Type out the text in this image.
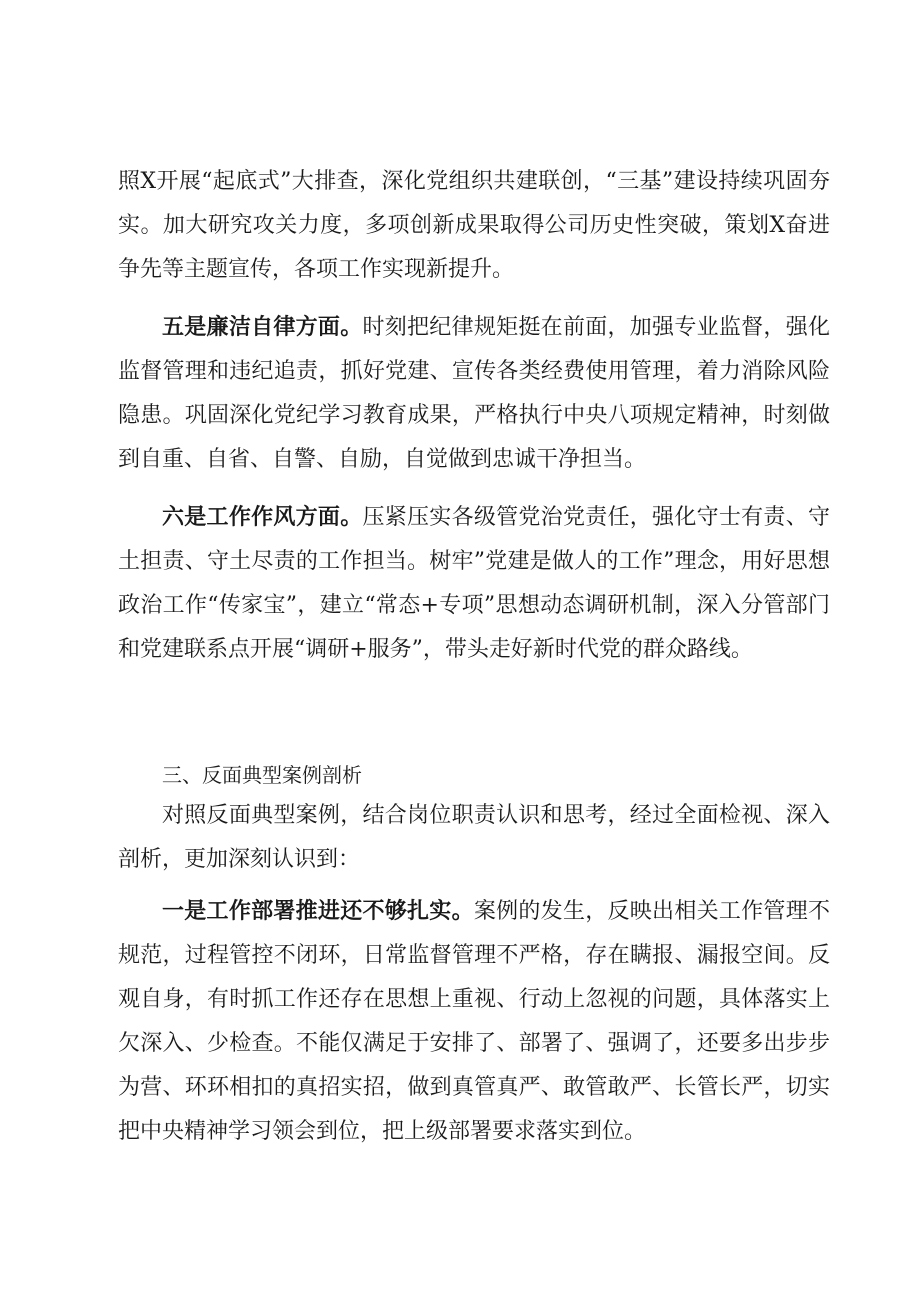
照X开展“起底式”大排查，深化党组织共建联创，“三基”建设持续巩固夯实。加大研究攻关力度，多项创新成果取得公司历史性突破，策划X奋进争先等主题宣传，各项工作实现新提升。

五是廉洁自律方面。时刻把纪律规矩挺在前面，加强专业监督，强化监督管理和违纪追责，抓好党建、宣传各类经费使用管理，着力消除风险隐患。巩固深化党纪学习教育成果，严格执行中央八项规定精神，时刻做到自重、自省、自警、自励，自觉做到忠诚干净担当。

六是工作作风方面。压紧压实各级管党治党责任，强化守士有责、守土担责、守土尽责的工作担当。树牢”党建是做人的工作”理念，用好思想政治工作“传家宝”，建立“常态+专项”思想动态调研机制，深入分管部门和党建联系点开展“调研+服务”，带头走好新时代党的群众路线。

三、反面典型案例剖析

对照反面典型案例，结合岗位职责认识和思考，经过全面检视、深入剖析，更加深刻认识到：

一是工作部署推进还不够扎实。案例的发生，反映出相关工作管理不规范，过程管控不闭环，日常监督管理不严格，存在瞒报、漏报空间。反观自身，有时抓工作还存在思想上重视、行动上忽视的问题，具体落实上欠深入、少检查。不能仅满足于安排了、部署了、强调了，还要多出步步为营、环环相扣的真招实招，做到真管真严、敢管敢严、长管长严，切实把中央精神学习领会到位，把上级部署要求落实到位。
